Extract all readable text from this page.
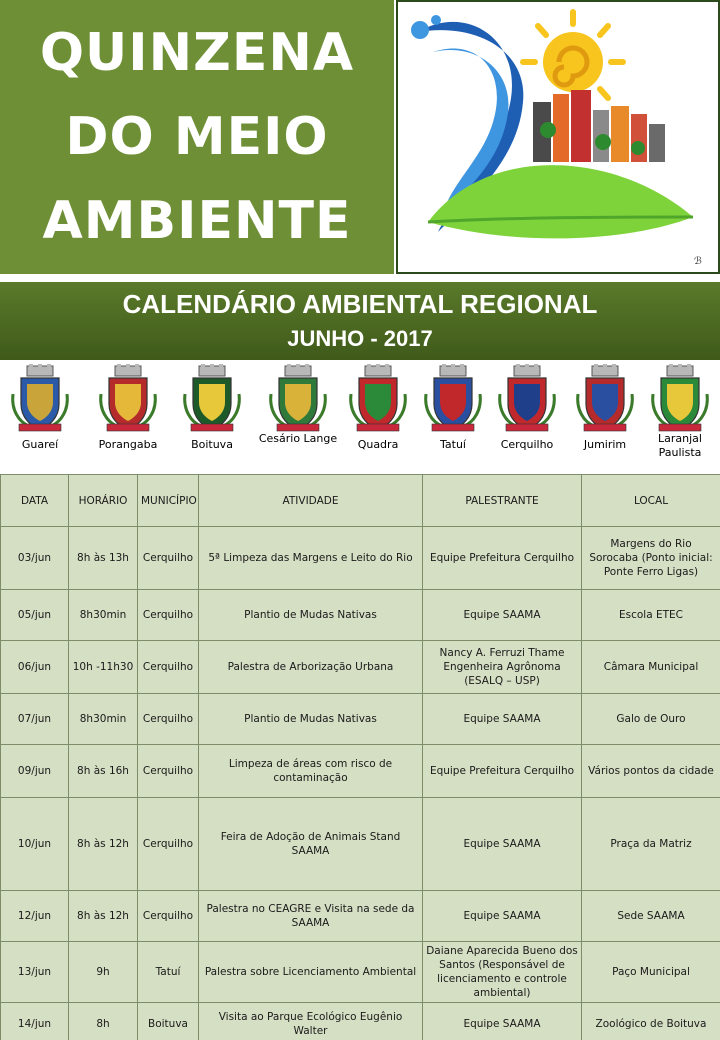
QUINZENA
DO MEIO
AMBIENTE
ℬ
CALENDÁRIO AMBIENTAL REGIONAL
JUNHO - 2017
Guareí	Porangaba	Boituva	Cesário Lange	Quadra	Tatuí	Cerquilho	Jumirim	Laranjal Paulista
DATA	HORÁRIO	MUNICÍPIO	ATIVIDADE	PALESTRANTE	LOCAL
03/jun	8h às 13h	Cerquilho	5ª Limpeza das Margens e Leito do Rio	Equipe Prefeitura Cerquilho	Margens do Rio Sorocaba (Ponto inicial: Ponte Ferro Ligas)
05/jun	8h30min	Cerquilho	Plantio de Mudas Nativas	Equipe SAAMA	Escola ETEC
06/jun	10h -11h30	Cerquilho	Palestra de Arborização Urbana	Nancy A. Ferruzi Thame Engenheira Agrônoma (ESALQ – USP)	Câmara Municipal
07/jun	8h30min	Cerquilho	Plantio de Mudas Nativas	Equipe SAAMA	Galo de Ouro
09/jun	8h às 16h	Cerquilho	Limpeza de áreas com risco de contaminação	Equipe Prefeitura Cerquilho	Vários pontos da cidade
10/jun	8h às 12h	Cerquilho	Feira de Adoção de Animais Stand SAAMA	Equipe SAAMA	Praça da Matriz
12/jun	8h às 12h	Cerquilho	Palestra no CEAGRE e Visita na sede da SAAMA	Equipe SAAMA	Sede SAAMA
13/jun	9h	Tatuí	Palestra sobre Licenciamento Ambiental	Daiane Aparecida Bueno dos Santos (Responsável de licenciamento e controle ambiental)	Paço Municipal
14/jun	8h	Boituva	Visita ao Parque Ecológico Eugênio Walter	Equipe SAAMA	Zoológico de Boituva
